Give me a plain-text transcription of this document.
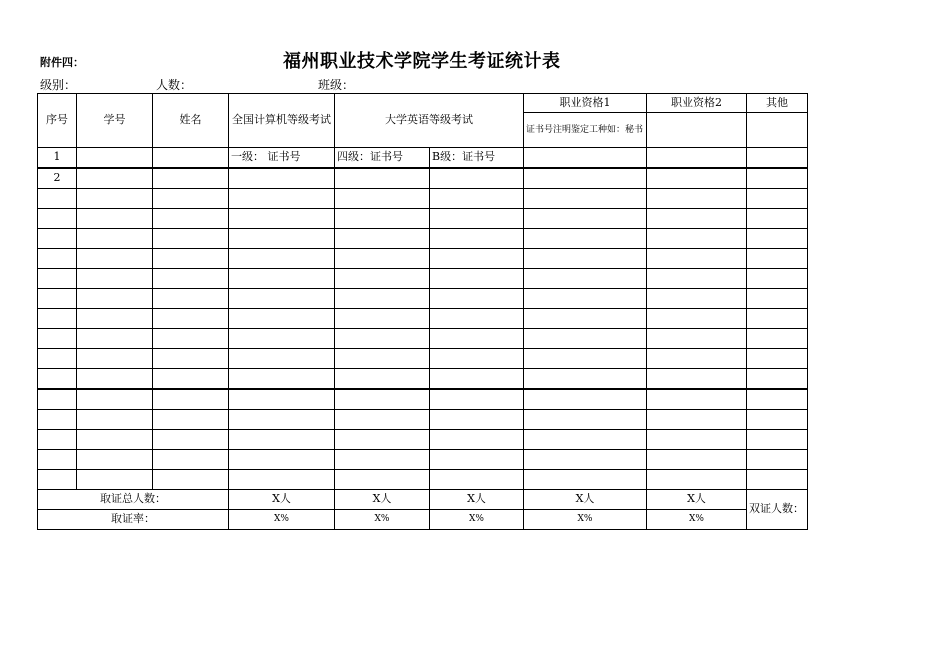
附件四：	福州职业技术学院学生考证统计表
级别：	人数：	班级：
序号	学号	姓名	全国计算机等级考试	大学英语等级考试		职业资格1	职业资格2	其他
						证书号注明鉴定工种如：秘书		
1			一级： 证书号	四级：证书号	B级：证书号			
2								

取证总人数：			X人	X人	X人	X人	X人	双证人数：
取证率：			X%	X%	X%	X%	X%	
